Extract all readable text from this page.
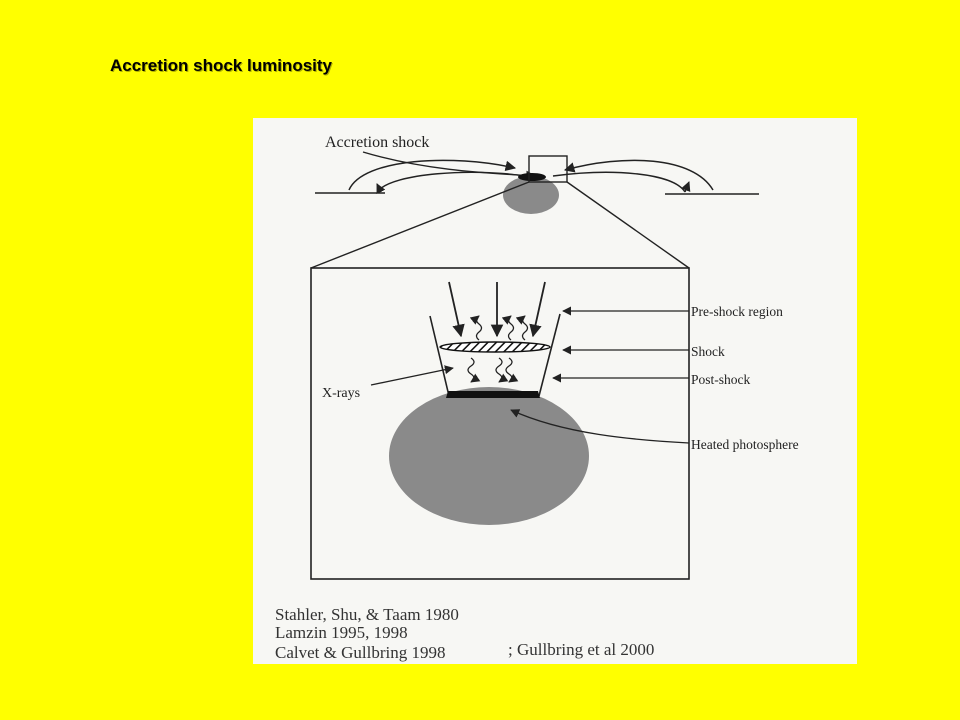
Accretion shock luminosity
Accretion shock
X-rays
Pre-shock region
Shock
Post-shock
Heated photosphere
Stahler, Shu, & Taam 1980
Lamzin 1995, 1998
Calvet & Gullbring 1998	; Gullbring et al 2000
